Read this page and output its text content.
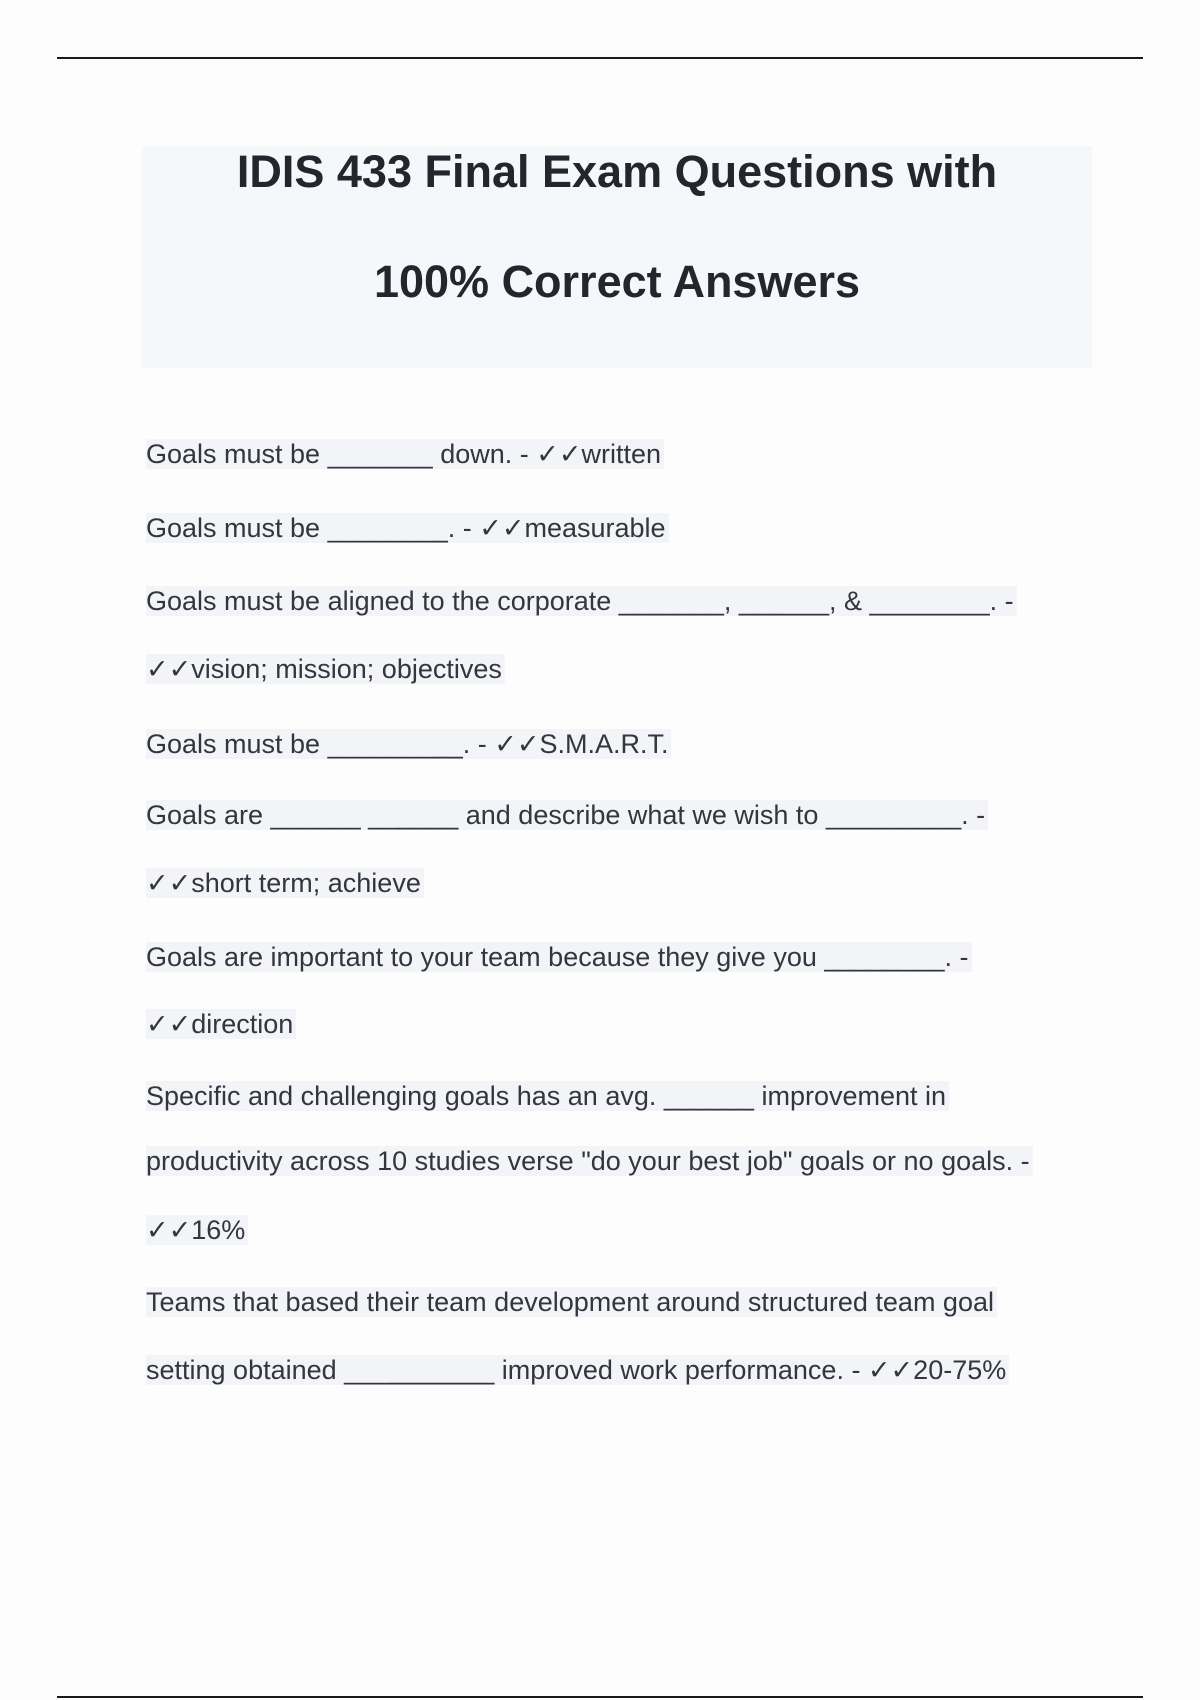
IDIS 433 Final Exam Questions with
100% Correct Answers
Goals must be _______ down. - ✓✓written
Goals must be ________. - ✓✓measurable
Goals must be aligned to the corporate _______, ______, & ________. -
✓✓vision; mission; objectives
Goals must be _________. - ✓✓S.M.A.R.T.
Goals are ______ ______ and describe what we wish to _________. -
✓✓short term; achieve
Goals are important to your team because they give you ________. -
✓✓direction
Specific and challenging goals has an avg. ______ improvement in
productivity across 10 studies verse "do your best job" goals or no goals. -
✓✓16%
Teams that based their team development around structured team goal
setting obtained __________ improved work performance. - ✓✓20-75%
